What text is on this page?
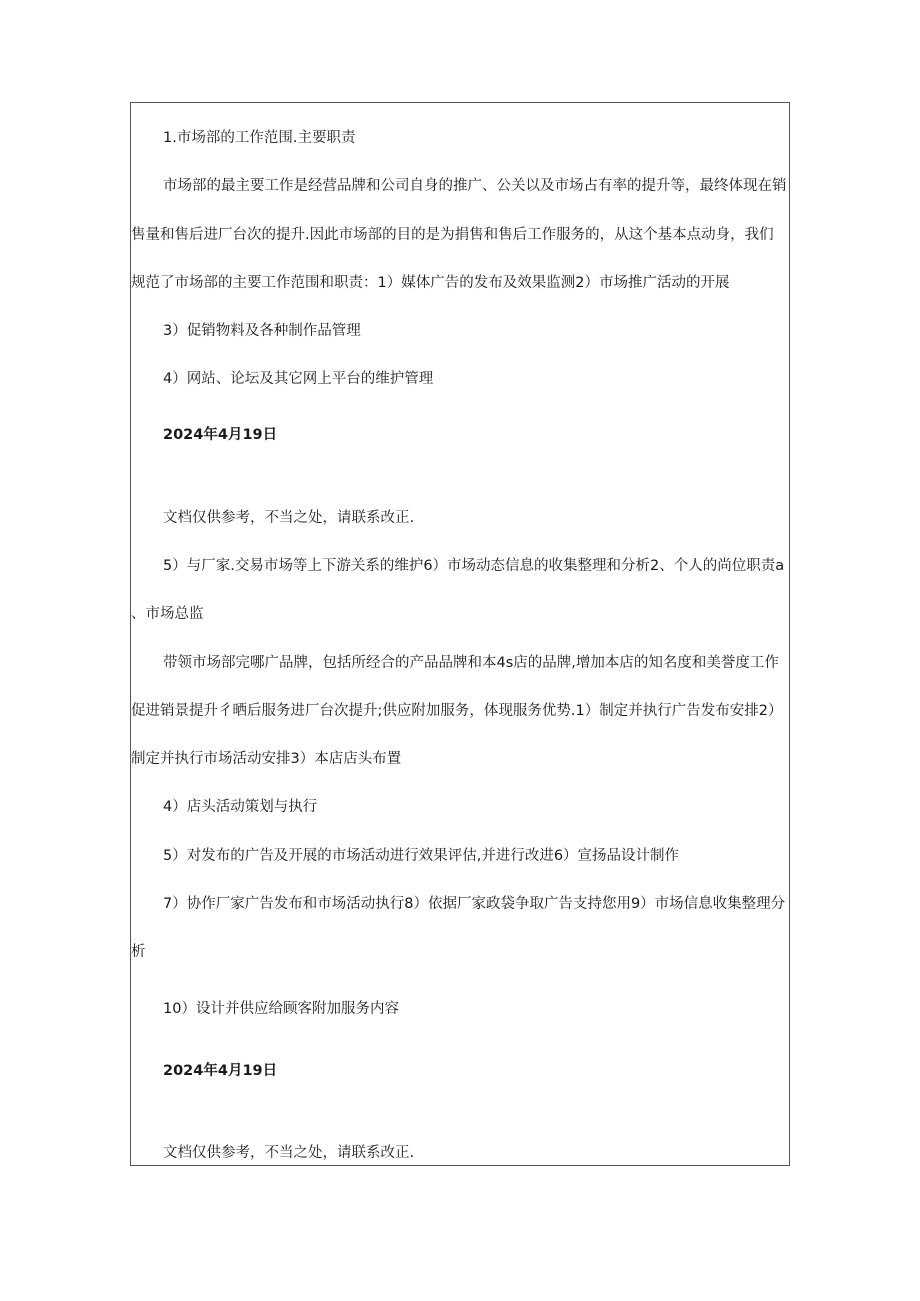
1.市场部的工作范围.主要职责
市场部的最主要工作是经营品牌和公司自身的推广、公关以及市场占有率的提升等，最终体现在销
售量和售后进厂台次的提升.因此市场部的目的是为捐售和售后工作服务的，从这个基本点动身，我们
规范了市场部的主要工作范围和职责：1）媒体广告的发布及效果监测2）市场推广活动的开展
3）促销物料及各种制作品管理
4）网站、论坛及其它网上平台的维护管理
2024年4月19日
文档仅供参考，不当之处，请联系改正.
5）与厂家.交易市场等上下游关系的维护6）市场动态信息的收集整理和分析2、个人的尚位职责a
、市场总监
带领市场部完哪广品牌，包括所经合的产品品牌和本4s店的品牌,增加本店的知名度和美誉度工作
促进销景提升彳晒后服务进厂台次提升;供应附加服务，体现服务优势.1）制定并执行广告发布安排2）
制定并执行市场活动安排3）本店店头布置
4）店头活动策划与执行
5）对发布的广告及开展的市场活动进行效果评估,并进行改进6）宣扬品设计制作
7）协作厂家广告发布和市场活动执行8）依据厂家政袋争取广告支持您用9）市场信息收集整理分
析
10）设计并供应给顾客附加服务内容
2024年4月19日
文档仅供参考，不当之处，请联系改正.
